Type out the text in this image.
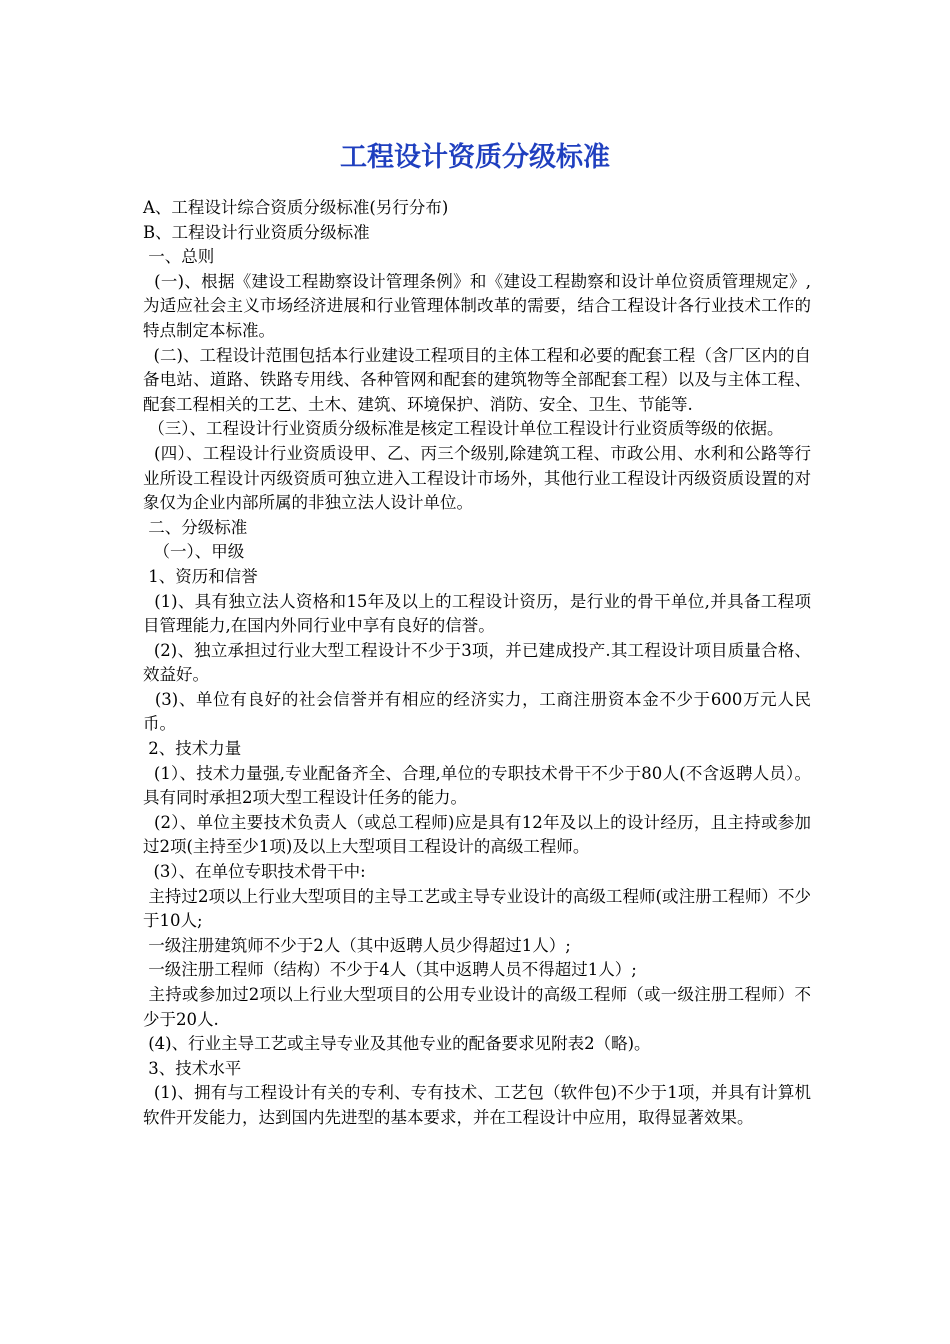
工程设计资质分级标准

A、工程设计综合资质分级标准(另行分布)

B、工程设计行业资质分级标准

一、总则

(一)、根据《建设工程勘察设计管理条例》和《建设工程勘察和设计单位资质管理规定》,为适应社会主义市场经济进展和行业管理体制改革的需要，结合工程设计各行业技术工作的特点制定本标准。

(二)、工程设计范围包括本行业建设工程项目的主体工程和必要的配套工程（含厂区内的自备电站、道路、铁路专用线、各种管网和配套的建筑物等全部配套工程）以及与主体工程、配套工程相关的工艺、土木、建筑、环境保护、消防、安全、卫生、节能等.

（三）、工程设计行业资质分级标准是核定工程设计单位工程设计行业资质等级的依据。

(四）、工程设计行业资质设甲、乙、丙三个级别,除建筑工程、市政公用、水利和公路等行业所设工程设计丙级资质可独立进入工程设计市场外，其他行业工程设计丙级资质设置的对象仅为企业内部所属的非独立法人设计单位。

二、分级标准

（一）、甲级

1、资历和信誉

(1)、具有独立法人资格和15年及以上的工程设计资历，是行业的骨干单位,并具备工程项目管理能力,在国内外同行业中享有良好的信誉。

(2)、独立承担过行业大型工程设计不少于3项，并已建成投产.其工程设计项目质量合格、效益好。

(3)、单位有良好的社会信誉并有相应的经济实力，工商注册资本金不少于600万元人民币。

2、技术力量

(1）、技术力量强,专业配备齐全、合理,单位的专职技术骨干不少于80人(不含返聘人员）。具有同时承担2项大型工程设计任务的能力。

(2）、单位主要技术负责人（或总工程师)应是具有12年及以上的设计经历，且主持或参加过2项(主持至少1项)及以上大型项目工程设计的高级工程师。

(3）、在单位专职技术骨干中:

主持过2项以上行业大型项目的主导工艺或主导专业设计的高级工程师(或注册工程师）不少于10人;

一级注册建筑师不少于2人（其中返聘人员少得超过1人）;

一级注册工程师（结构）不少于4人（其中返聘人员不得超过1人）;

主持或参加过2项以上行业大型项目的公用专业设计的高级工程师（或一级注册工程师）不少于20人.

(4)、行业主导工艺或主导专业及其他专业的配备要求见附表2（略)。

3、技术水平

(1)、拥有与工程设计有关的专利、专有技术、工艺包（软件包)不少于1项，并具有计算机软件开发能力，达到国内先进型的基本要求，并在工程设计中应用，取得显著效果。
